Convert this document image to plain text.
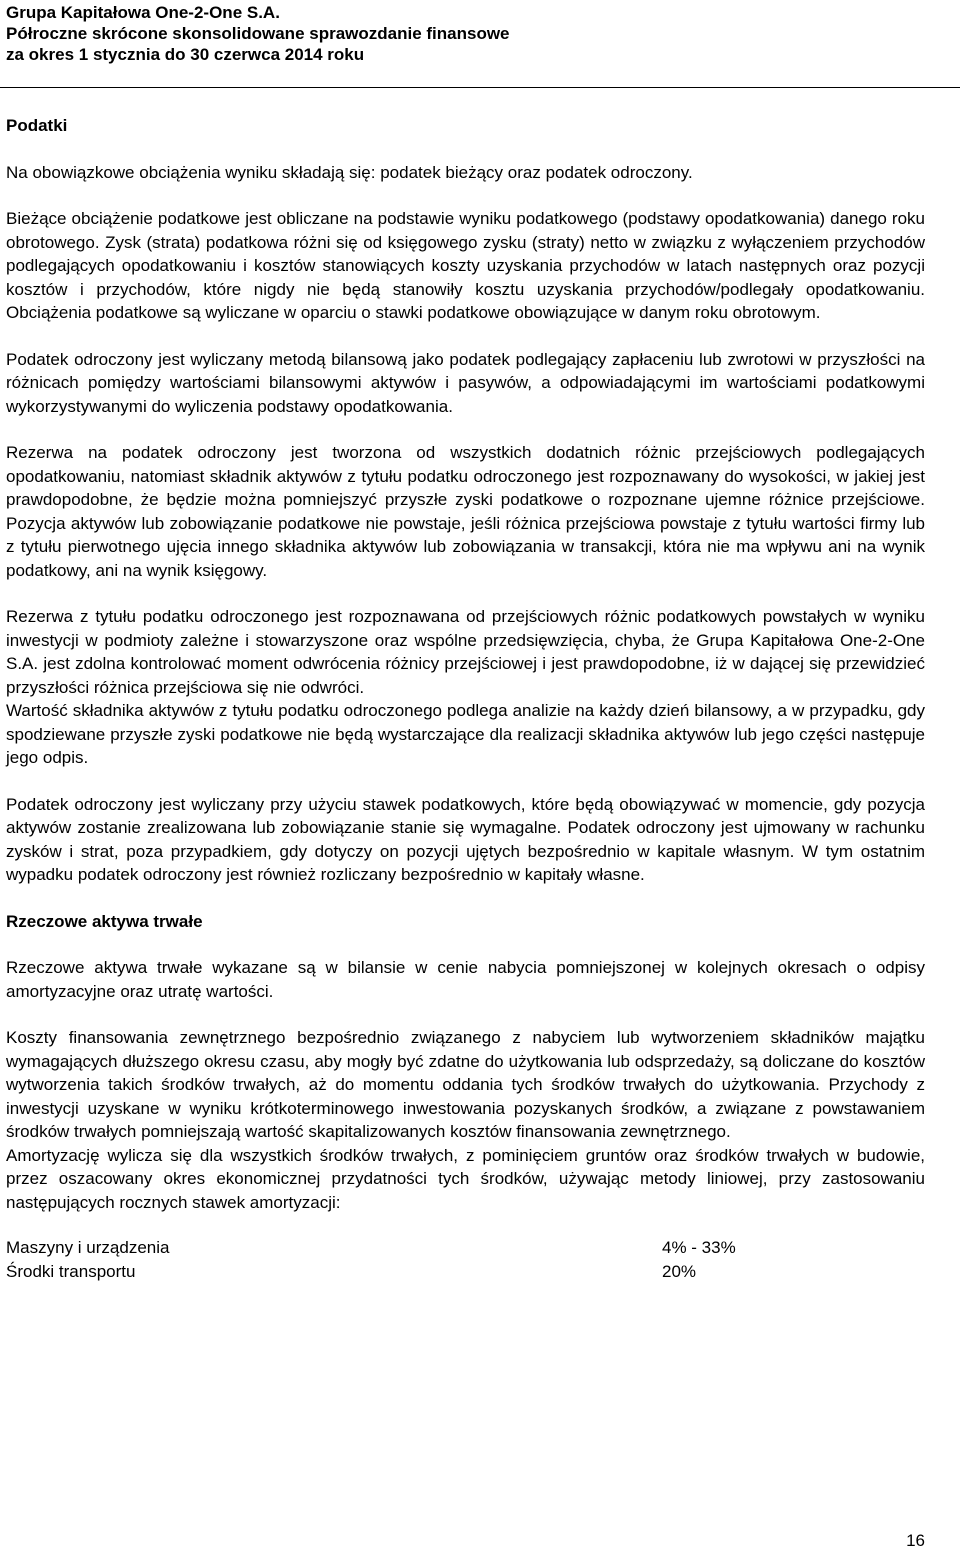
Grupa Kapitałowa One-2-One S.A.
Półroczne skrócone skonsolidowane sprawozdanie finansowe
za okres 1 stycznia do 30 czerwca 2014 roku

Podatki

Na obowiązkowe obciążenia wyniku składają się: podatek bieżący oraz podatek odroczony.

Bieżące obciążenie podatkowe jest obliczane na podstawie wyniku podatkowego (podstawy opodatkowania) danego roku obrotowego. Zysk (strata) podatkowa różni się od księgowego zysku (straty) netto w związku z wyłączeniem przychodów podlegających opodatkowaniu i kosztów stanowiących koszty uzyskania przychodów w latach następnych oraz pozycji kosztów i przychodów, które nigdy nie będą stanowiły kosztu uzyskania przychodów/podlegały opodatkowaniu. Obciążenia podatkowe są wyliczane w oparciu o stawki podatkowe obowiązujące w danym roku obrotowym.

Podatek odroczony jest wyliczany metodą bilansową jako podatek podlegający zapłaceniu lub zwrotowi w przyszłości na różnicach pomiędzy wartościami bilansowymi aktywów i pasywów, a odpowiadającymi im wartościami podatkowymi wykorzystywanymi do wyliczenia podstawy opodatkowania.

Rezerwa na podatek odroczony jest tworzona od wszystkich dodatnich różnic przejściowych podlegających opodatkowaniu, natomiast składnik aktywów z tytułu podatku odroczonego jest rozpoznawany do wysokości, w jakiej jest prawdopodobne, że będzie można pomniejszyć przyszłe zyski podatkowe o rozpoznane ujemne różnice przejściowe. Pozycja aktywów lub zobowiązanie podatkowe nie powstaje, jeśli różnica przejściowa powstaje z tytułu wartości firmy lub z tytułu pierwotnego ujęcia innego składnika aktywów lub zobowiązania w transakcji, która nie ma wpływu ani na wynik podatkowy, ani na wynik księgowy.

Rezerwa z tytułu podatku odroczonego jest rozpoznawana od przejściowych różnic podatkowych powstałych w wyniku inwestycji w podmioty zależne i stowarzyszone oraz wspólne przedsięwzięcia, chyba, że Grupa Kapitałowa One-2-One S.A. jest zdolna kontrolować moment odwrócenia różnicy przejściowej i jest prawdopodobne, iż w dającej się przewidzieć przyszłości różnica przejściowa się nie odwróci.

Wartość składnika aktywów z tytułu podatku odroczonego podlega analizie na każdy dzień bilansowy, a w przypadku, gdy spodziewane przyszłe zyski podatkowe nie będą wystarczające dla realizacji składnika aktywów lub jego części następuje jego odpis.

Podatek odroczony jest wyliczany przy użyciu stawek podatkowych, które będą obowiązywać w momencie, gdy pozycja aktywów zostanie zrealizowana lub zobowiązanie stanie się wymagalne. Podatek odroczony jest ujmowany w rachunku zysków i strat, poza przypadkiem, gdy dotyczy on pozycji ujętych bezpośrednio w kapitale własnym. W tym ostatnim wypadku podatek odroczony jest również rozliczany bezpośrednio w kapitały własne.

Rzeczowe aktywa trwałe

Rzeczowe aktywa trwałe wykazane są w bilansie w cenie nabycia pomniejszonej w kolejnych okresach o odpisy amortyzacyjne oraz utratę wartości.

Koszty finansowania zewnętrznego bezpośrednio związanego z nabyciem lub wytworzeniem składników majątku wymagających dłuższego okresu czasu, aby mogły być zdatne do użytkowania lub odsprzedaży, są doliczane do kosztów wytworzenia takich środków trwałych, aż do momentu oddania tych środków trwałych do użytkowania. Przychody z inwestycji uzyskane w wyniku krótkoterminowego inwestowania pozyskanych środków, a związane z powstawaniem środków trwałych pomniejszają wartość skapitalizowanych kosztów finansowania zewnętrznego.

Amortyzację wylicza się dla wszystkich środków trwałych, z pominięciem gruntów oraz środków trwałych w budowie, przez oszacowany okres ekonomicznej przydatności tych środków, używając metody liniowej, przy zastosowaniu następujących rocznych stawek amortyzacji:

Maszyny i urządzenia	4% - 33%
Środki transportu	20%
16
